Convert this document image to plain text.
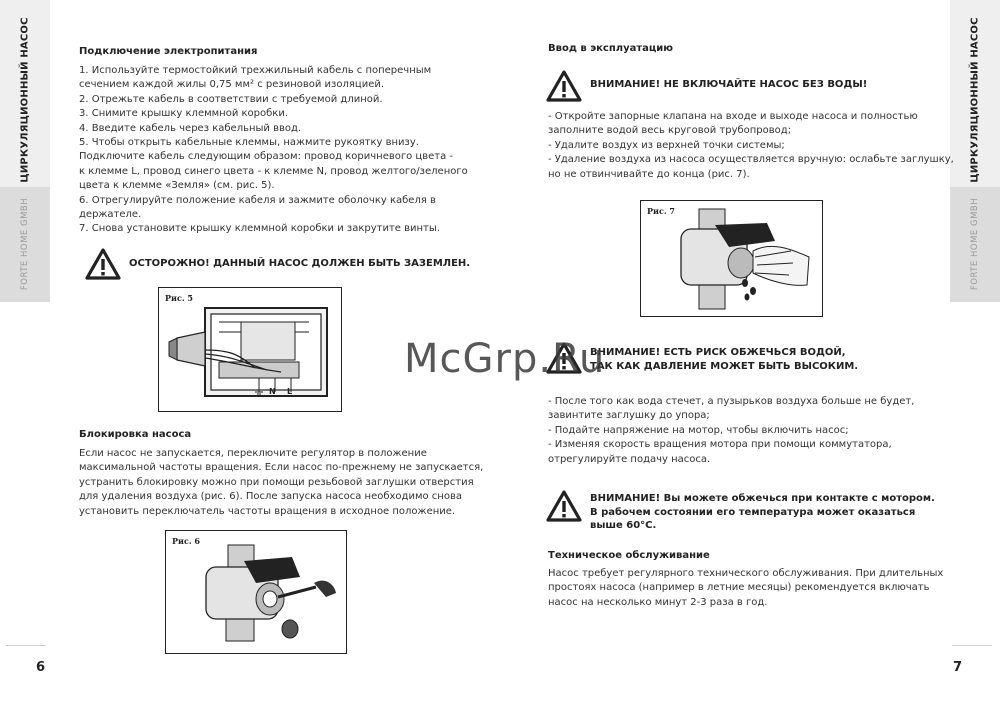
ЦИРКУЛЯЦИОННЫЙ НАСОС
FORTE HOME GMBH
6
ЦИРКУЛЯЦИОННЫЙ НАСОС
FORTE HOME GMBH
7
Подключение электропитания
1. Используйте термостойкий трехжильный кабель с поперечным
сечением каждой жилы 0,75 мм² с резиновой изоляцией.
2. Отрежьте кабель в соответствии с требуемой длиной.
3. Снимите крышку клеммной коробки.
4. Введите кабель через кабельный ввод.
5. Чтобы открыть кабельные клеммы, нажмите рукоятку внизу.
Подключите кабель следующим образом: провод коричневого цвета -
к клемме L, провод синего цвета - к клемме N, провод желтого/зеленого
цвета к клемме «Земля» (см. рис. 5).
6. Отрегулируйте положение кабеля и зажмите оболочку кабеля в
держателе.
7. Снова установите крышку клеммной коробки и закрутите винты.
ОСТОРОЖНО! ДАННЫЙ НАСОС ДОЛЖЕН БЫТЬ ЗАЗЕМЛЕН.
Рис. 5
N L
Блокировка насоса
Если насос не запускается, переключите регулятор в положение
максимальной частоты вращения. Если насос по-прежнему не запускается,
устранить блокировку можно при помощи резьбовой заглушки отверстия
для удаления воздуха (рис. 6). После запуска насоса необходимо снова
установить переключатель частоты вращения в исходное положение.
Рис. 6
Ввод в эксплуатацию
ВНИМАНИЕ! НЕ ВКЛЮЧАЙТЕ НАСОС БЕЗ ВОДЫ!
- Откройте запорные клапана на входе и выходе насоса и полностью
заполните водой весь круговой трубопровод;
- Удалите воздух из верхней точки системы;
- Удаление воздуха из насоса осуществляется вручную: ослабьте заглушку,
но не отвинчивайте до конца (рис. 7).
Рис. 7
ВНИМАНИЕ! ЕСТЬ РИСК ОБЖЕЧЬСЯ ВОДОЙ,
ТАК КАК ДАВЛЕНИЕ МОЖЕТ БЫТЬ ВЫСОКИМ.
- После того как вода стечет, а пузырьков воздуха больше не будет,
завинтите заглушку до упора;
- Подайте напряжение на мотор, чтобы включить насос;
- Изменяя скорость вращения мотора при помощи коммутатора,
отрегулируйте подачу насоса.
ВНИМАНИЕ! Вы можете обжечься при контакте с мотором.
В рабочем состоянии его температура может оказаться
выше 60°С.
Техническое обслуживание
Насос требует регулярного технического обслуживания. При длительных
простоях насоса (например в летние месяцы) рекомендуется включать
насос на несколько минут 2-3 раза в год.
McGrp.Ru
